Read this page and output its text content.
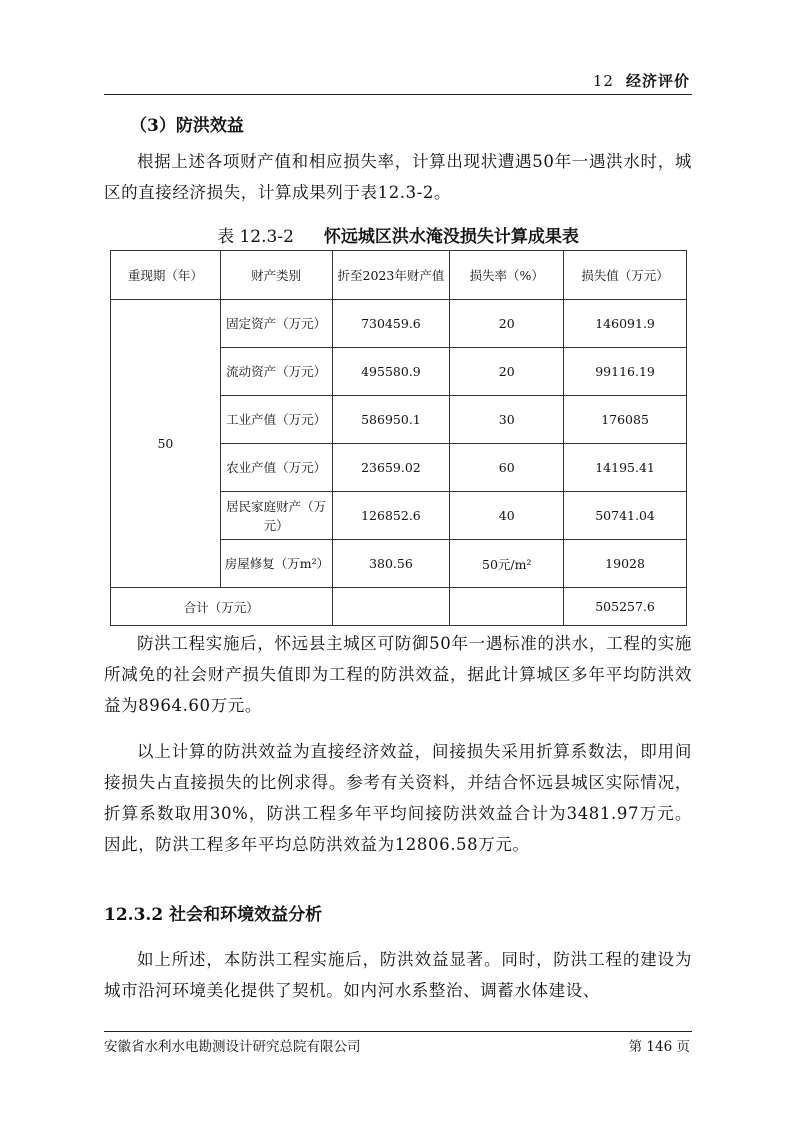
12 经济评价
（3）防洪效益
根据上述各项财产值和相应损失率，计算出现状遭遇50年一遇洪水时，城区的直接经济损失，计算成果列于表12.3-2。
表 12.3-2 怀远城区洪水淹没损失计算成果表
重现期（年）	财产类别	折至2023年财产值	损失率（%）	损失值（万元）
50	固定资产（万元）	730459.6	20	146091.9
	流动资产（万元）	495580.9	20	99116.19
	工业产值（万元）	586950.1	30	176085
	农业产值（万元）	23659.02	60	14195.41
	居民家庭财产（万元）	126852.6	40	50741.04
	房屋修复（万m²）	380.56	50元/m²	19028
合计（万元）				505257.6
防洪工程实施后，怀远县主城区可防御50年一遇标准的洪水，工程的实施所减免的社会财产损失值即为工程的防洪效益，据此计算城区多年平均防洪效益为8964.60万元。
以上计算的防洪效益为直接经济效益，间接损失采用折算系数法，即用间接损失占直接损失的比例求得。参考有关资料，并结合怀远县城区实际情况，折算系数取用30%，防洪工程多年平均间接防洪效益合计为3481.97万元。因此，防洪工程多年平均总防洪效益为12806.58万元。
12.3.2 社会和环境效益分析
如上所述，本防洪工程实施后，防洪效益显著。同时，防洪工程的建设为城市沿河环境美化提供了契机。如内河水系整治、调蓄水体建设、
安徽省水利水电勘测设计研究总院有限公司	第 146 页
